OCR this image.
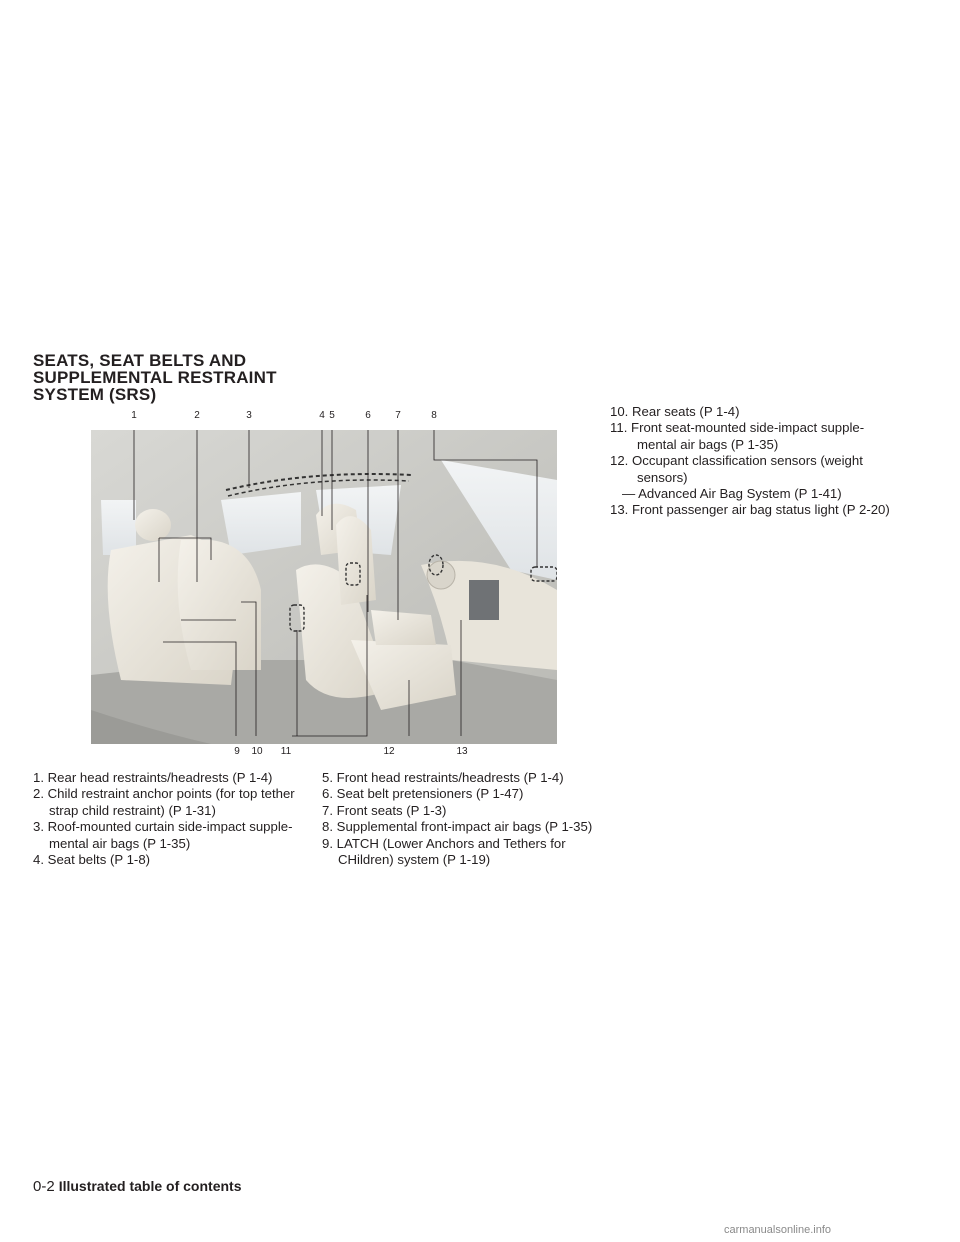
SEATS, SEAT BELTS AND
SUPPLEMENTAL RESTRAINT
SYSTEM (SRS)
1	2	3	4 5	6 7	8
9 10 11	12	13
1. Rear head restraints/headrests (P 1-4)
2. Child restraint anchor points (for top tether strap child restraint) (P 1-31)
3. Roof-mounted curtain side-impact supple-mental air bags (P 1-35)
4. Seat belts (P 1-8)
5. Front head restraints/headrests (P 1-4)
6. Seat belt pretensioners (P 1-47)
7. Front seats (P 1-3)
8. Supplemental front-impact air bags (P 1-35)
9. LATCH (Lower Anchors and Tethers for CHildren) system (P 1-19)
10. Rear seats (P 1-4)
11. Front seat-mounted side-impact supple-mental air bags (P 1-35)
12. Occupant classification sensors (weight sensors)
— Advanced Air Bag System (P 1-41)
13. Front passenger air bag status light (P 2-20)
0-2 Illustrated table of contents
carmanualsonline.info
